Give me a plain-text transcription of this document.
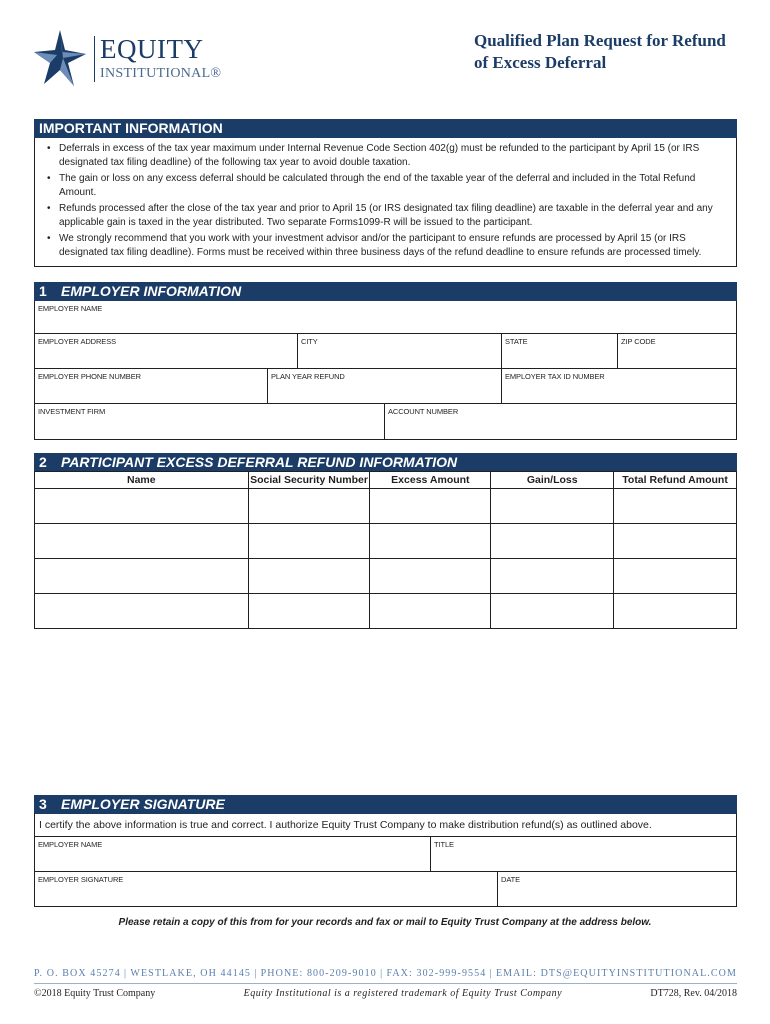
EQUITY
INSTITUTIONAL®
Qualified Plan Request for Refund
of Excess Deferral
IMPORTANT INFORMATION
• Deferrals in excess of the tax year maximum under Internal Revenue Code Section 402(g) must be refunded to the participant by April 15 (or IRS designated tax filing deadline) of the following tax year to avoid double taxation.
• The gain or loss on any excess deferral should be calculated through the end of the taxable year of the deferral and included in the Total Refund Amount.
• Refunds processed after the close of the tax year and prior to April 15 (or IRS designated tax filing deadline) are taxable in the deferral year and any applicable gain is taxed in the year distributed. Two separate Forms1099-R will be issued to the participant.
• We strongly recommend that you work with your investment advisor and/or the participant to ensure refunds are processed by April 15 (or IRS designated tax filing deadline). Forms must be received within three business days of the refund deadline to ensure refunds are processed timely.
1 EMPLOYER INFORMATION
EMPLOYER NAME
EMPLOYER ADDRESS	CITY	STATE	ZIP CODE
EMPLOYER PHONE NUMBER	PLAN YEAR REFUND	EMPLOYER TAX ID NUMBER
INVESTMENT FIRM	ACCOUNT NUMBER
2 PARTICIPANT EXCESS DEFERRAL REFUND INFORMATION
Name	Social Security Number	Excess Amount	Gain/Loss	Total Refund Amount

3 EMPLOYER SIGNATURE
I certify the above information is true and correct. I authorize Equity Trust Company to make distribution refund(s) as outlined above.
EMPLOYER NAME	TITLE
EMPLOYER SIGNATURE	DATE
Please retain a copy of this from for your records and fax or mail to Equity Trust Company at the address below.
P. O. BOX 45274 | WESTLAKE, OH 44145 | PHONE: 800-209-9010 | FAX: 302-999-9554 | EMAIL: DTS@EQUITYINSTITUTIONAL.COM
©2018 Equity Trust Company	Equity Institutional is a registered trademark of Equity Trust Company	DT728, Rev. 04/2018
